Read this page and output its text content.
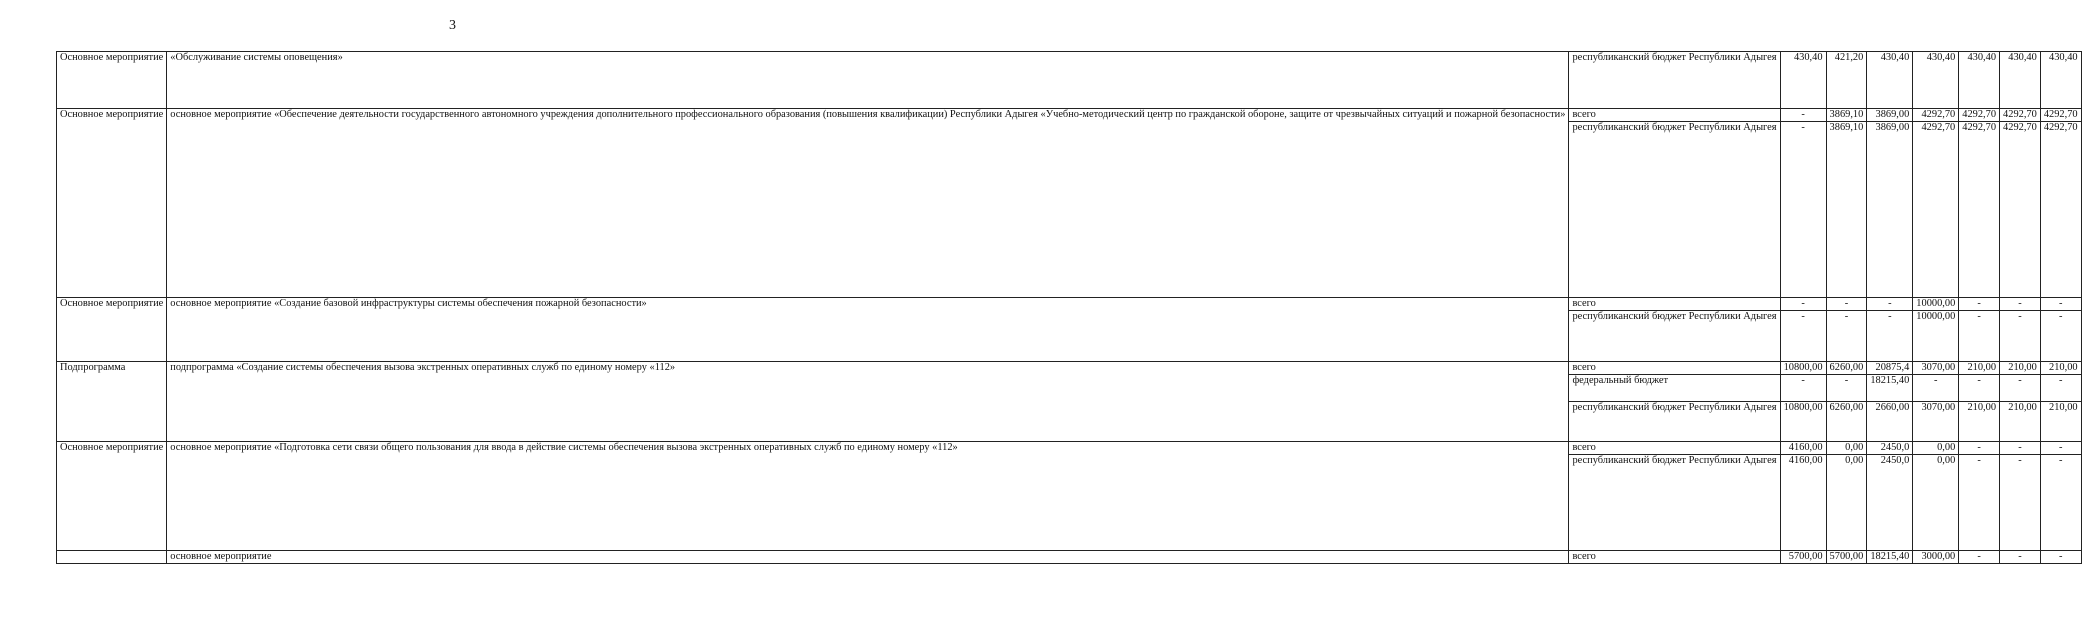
3
Основное мероприятие	«Обслуживание системы оповещения»	республиканский бюджет Республики Адыгея	430,40	421,20	430,40	430,40	430,40	430,40	430,40
Основное мероприятие	основное мероприятие «Обеспечение деятельности государственного автономного учреждения дополнительного профессионального образования (повышения квалификации) Республики Адыгея «Учебно-методический центр по гражданской обороне, защите от чрезвычайных ситуаций и пожарной безопасности»	всего	-	3869,10	3869,00	4292,70	4292,70	4292,70	4292,70
		республиканский бюджет Республики Адыгея	-	3869,10	3869,00	4292,70	4292,70	4292,70	4292,70
Основное мероприятие	основное мероприятие «Создание базовой инфраструктуры системы обеспечения пожарной безопасности»	всего	-	-	-	10000,00	-	-	-
		республиканский бюджет Республики Адыгея	-	-	-	10000,00	-	-	-
Подпрограмма	подпрограмма «Создание системы обеспечения вызова экстренных оперативных служб по единому номеру «112»	всего	10800,00	6260,00	20875,4	3070,00	210,00	210,00	210,00
		федеральный бюджет	-	-	18215,40	-	-	-	-
		республиканский бюджет Республики Адыгея	10800,00	6260,00	2660,00	3070,00	210,00	210,00	210,00
Основное мероприятие	основное мероприятие «Подготовка сети связи общего пользования для ввода в действие системы обеспечения вызова экстренных оперативных служб по единому номеру «112»	всего	4160,00	0,00	2450,0	0,00	-	-	-
		республиканский бюджет Республики Адыгея	4160,00	0,00	2450,0	0,00	-	-	-
	основное мероприятие	всего	5700,00	5700,00	18215,40	3000,00	-	-	-
